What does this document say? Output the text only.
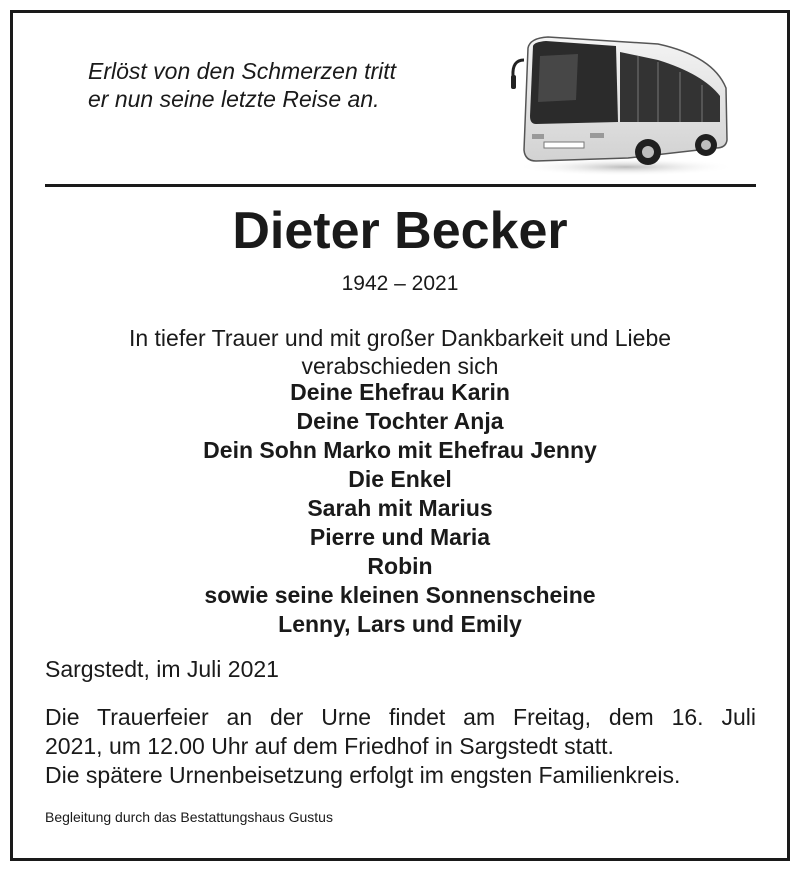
Erlöst von den Schmerzen tritt
er nun seine letzte Reise an.
Dieter Becker
1942 – 2021
In tiefer Trauer und mit großer Dankbarkeit und Liebe
verabschieden sich
Deine Ehefrau Karin
Deine Tochter Anja
Dein Sohn Marko mit Ehefrau Jenny
Die Enkel
Sarah mit Marius
Pierre und Maria
Robin
sowie seine kleinen Sonnenscheine
Lenny, Lars und Emily
Sargstedt, im Juli 2021
Die Trauerfeier an der Urne findet am Freitag, dem 16. Juli
2021, um 12.00 Uhr auf dem Friedhof in Sargstedt statt.
Die spätere Urnenbeisetzung erfolgt im engsten Familienkreis.
Begleitung durch das Bestattungshaus Gustus
